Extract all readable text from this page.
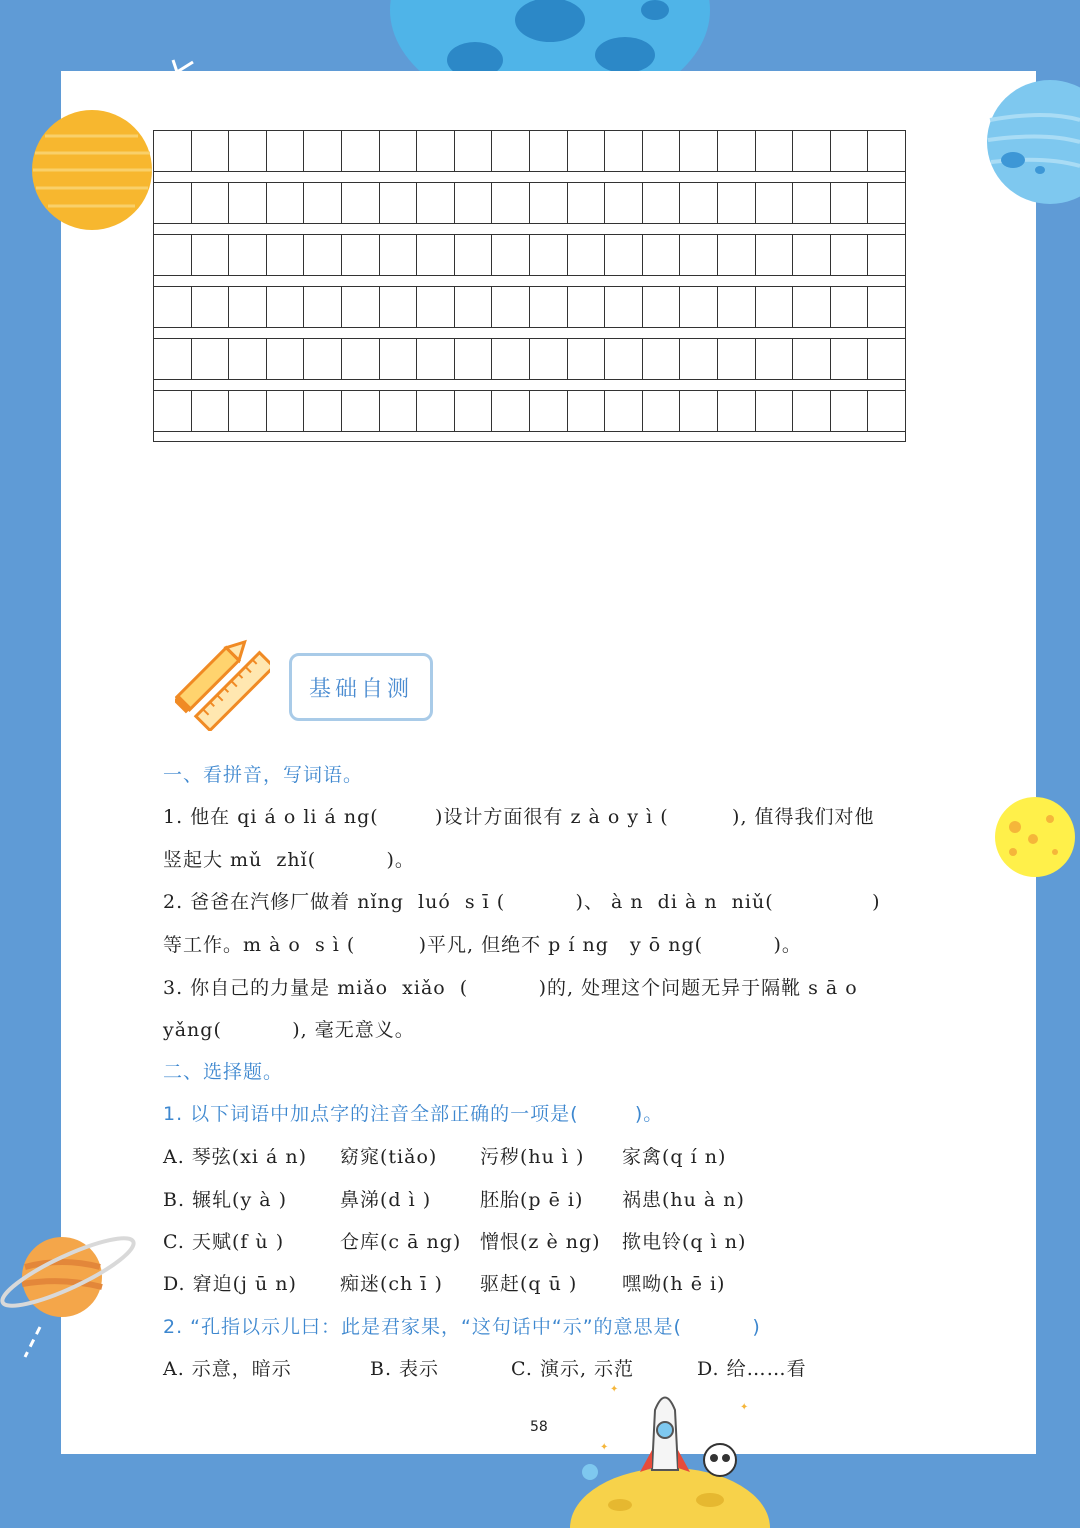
✦
✦
✦
基础自测
一、看拼音，写词语。
1. 他在 qi á o li á ng(        )设计方面很有 z à o y ì (         ), 值得我们对他
竖起大 mǔ  zhǐ(          )。
2. 爸爸在汽修厂做着 nǐng  luó  s ī (          )、 à n  di à n  niǔ(              )
等工作。m à o  s ì (         )平凡, 但绝不 p í ng   y ō ng(          )。
3. 你自己的力量是 miǎo  xiǎo  (          )的, 处理这个问题无异于隔靴 s ā o
yǎng(          ), 毫无意义。
二、选择题。
1. 以下词语中加点字的注音全部正确的一项是(        )。
A. 琴弦(xi á n) 窈窕(tiǎo) 污秽(hu ì ) 家禽(q í n)
B. 辗轧(y à )	鼻涕(d ì )	胚胎(p ē i) 祸患(hu à n)
C. 天赋(f ù )	仓库(c ā ng) 憎恨(z è ng) 揿电铃(q ì n)
D. 窘迫(j ū n) 痴迷(ch ī ) 驱赶(q ū ) 嘿呦(h ē i)
2. “孔指以示儿曰：此是君家果，“这句话中“示”的意思是(          )
A. 示意，暗示	B. 表示	C. 演示, 示范	D. 给……看
58
